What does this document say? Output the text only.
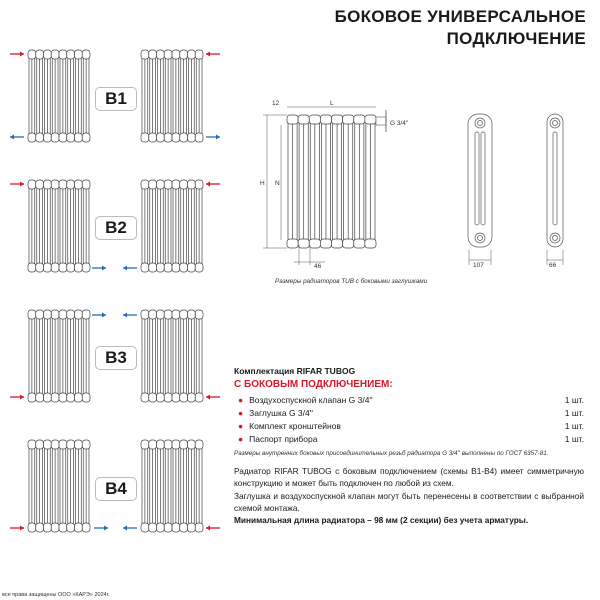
БОКОВОЕ УНИВЕРСАЛЬНОЕ
ПОДКЛЮЧЕНИЕ
B1
B2
B3
B4
12	L
G 3/4''
H N
46	107	66
Размеры радиаторов TUB с боковыми заглушками
Комплектация RIFAR TUBOG
С БОКОВЫМ ПОДКЛЮЧЕНИЕМ:
● Воздухоспускной клапан G 3/4''	1 шт.
● Заглушка G 3/4''	1 шт.
● Комплект кронштейнов	1 шт.
● Паспорт прибора	1 шт.
Размеры внутренних боковых присоединительных резьб радиатора G 3/4'' выполнены по ГОСТ 6357-81.

Радиатор RIFAR TUBOG с боковым подключением (схемы B1-B4) имеет симметричную конструкцию и может быть подключен по любой из схем.

Заглушка и воздухоспускной клапан могут быть перенесены в соответствии с выбранной схемой монтажа.

Минимальная длина радиатора – 98 мм (2 секции) без учета арматуры.

все права защищены ООО «КАРЭ» 2024г.
